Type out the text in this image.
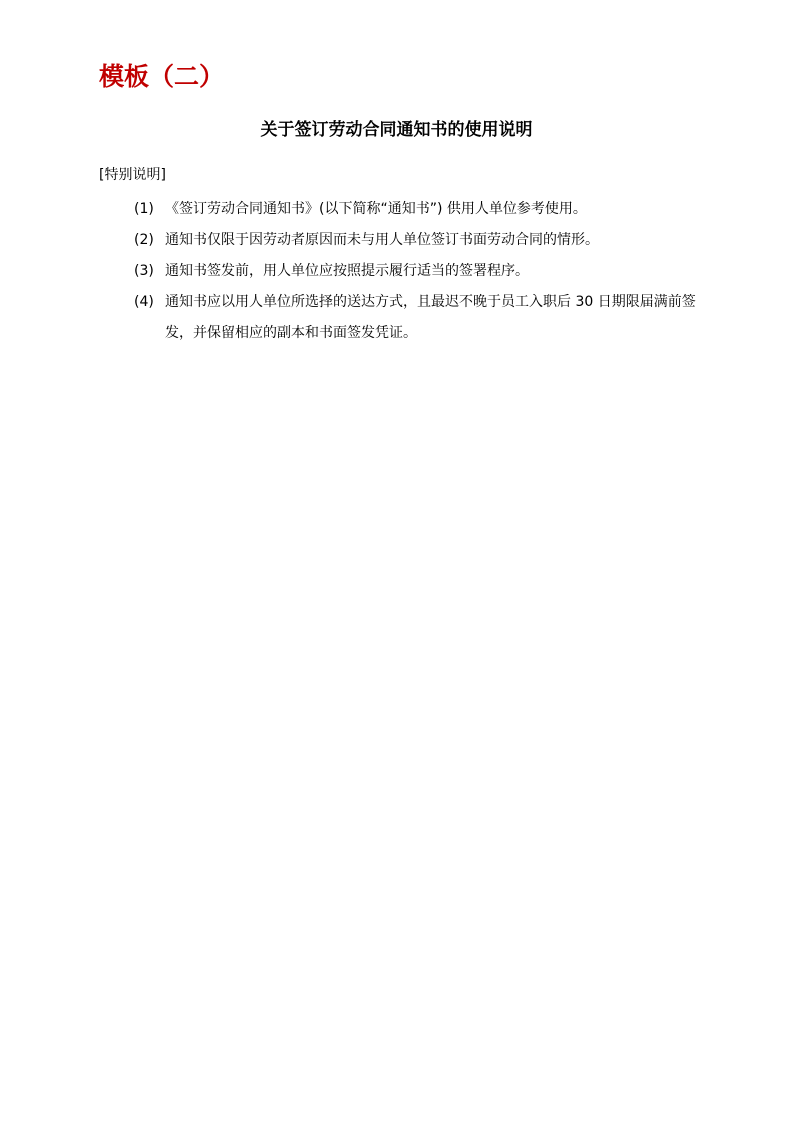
模板（二）
关于签订劳动合同通知书的使用说明
[特别说明]
(1) 《签订劳动合同通知书》(以下简称“通知书”) 供用人单位参考使用。
(2) 通知书仅限于因劳动者原因而未与用人单位签订书面劳动合同的情形。
(3) 通知书签发前，用人单位应按照提示履行适当的签署程序。
(4) 通知书应以用人单位所选择的送达方式，且最迟不晚于员工入职后 30 日期限届满前签发，并保留相应的副本和书面签发凭证。
